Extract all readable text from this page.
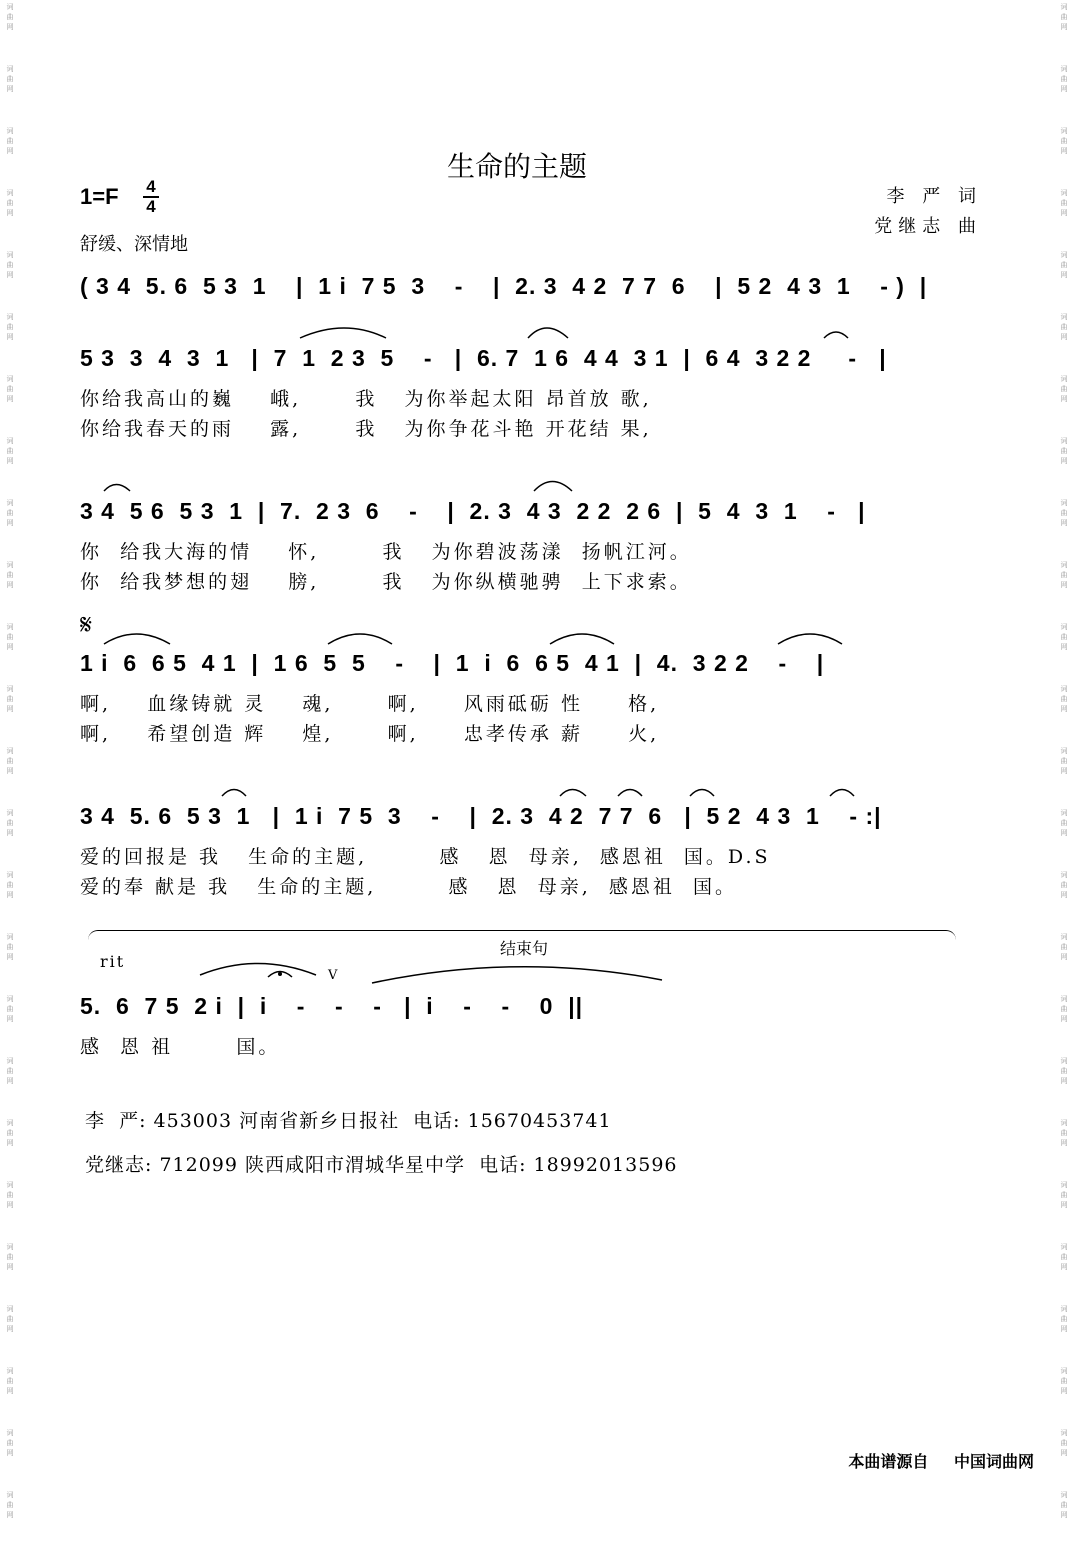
词
曲
网
词
曲
网
词
曲
网
词
曲
网
词
曲
网
词
曲
网
词
曲
网
词
曲
网
词
曲
网
词
曲
网
词
曲
网
词
曲
网
词
曲
网
词
曲
网
词
曲
网
词
曲
网
词
曲
网
词
曲
网
词
曲
网
词
曲
网
词
曲
网
词
曲
网
词
曲
网
词
曲
网
词
曲
网
词
曲
网
词
曲
网
词
曲
网
词
曲
网
词
曲
网
词
曲
网
词
曲
网
词
曲
网
词
曲
网
词
曲
网
词
曲
网
词
曲
网
词
曲
网
词
曲
网
词
曲
网
词
曲
网
词
曲
网
词
曲
网
词
曲
网
词
曲
网
词
曲
网
词
曲
网
词
曲
网
词
曲
网
词
曲
网
生命的主题
1=F 4
4
舒缓、深情地
李 严 词
党继志 曲
( 3 4  5. 6  5 3  1    |  1 i  7 5  3    -    |  2. 3  4 2  7 7  6    |  5 2  4 3  1    - )  |
5 3  3  4  3  1   |  7  1  2 3  5    -   |  6. 7  1 6  4 4  3 1  |  6 4  3 2 2     -   |
你给我高山的巍    峨,      我   为你举起太阳 昂首放 歌,
你给我春天的雨    露,      我   为你争花斗艳 开花结 果,
3 4  5 6  5 3  1  |  7.  2 3  6    -    |  2. 3  4 3  2 2  2 6  |  5  4  3  1    -   |
你  给我大海的情    怀,       我   为你碧波荡漾  扬帆江河。
你  给我梦想的翅    膀,       我   为你纵横驰骋  上下求索。
𝄋
1 i  6  6 5  4 1  |  1 6  5  5    -    |  1  i  6  6 5  4 1  |  4.  3 2 2    -    |
啊,    血缘铸就 灵    魂,      啊,     风雨砥砺 性     格,
啊,    希望创造 辉    煌,      啊,     忠孝传承 薪     火,
3 4  5. 6  5 3  1   |  1 i  7 5  3    -    |  2. 3  4 2  7 7  6   |  5 2  4 3  1    - :|
爱的回报是 我   生命的主题,        感   恩  母亲,  感恩祖  国。D.S
爱的奉 献是 我   生命的主题,        感   恩  母亲,  感恩祖  国。
结束句
rit
V
5.  6  7 5  2 i  |  i    -    -    -   |  i    -    -    0  ||
感  恩 祖       国。
李  严: 453003 河南省新乡日报社  电话: 15670453741
党继志: 712099 陕西咸阳市渭城华星中学  电话: 18992013596
本曲谱源自 中国词曲网
